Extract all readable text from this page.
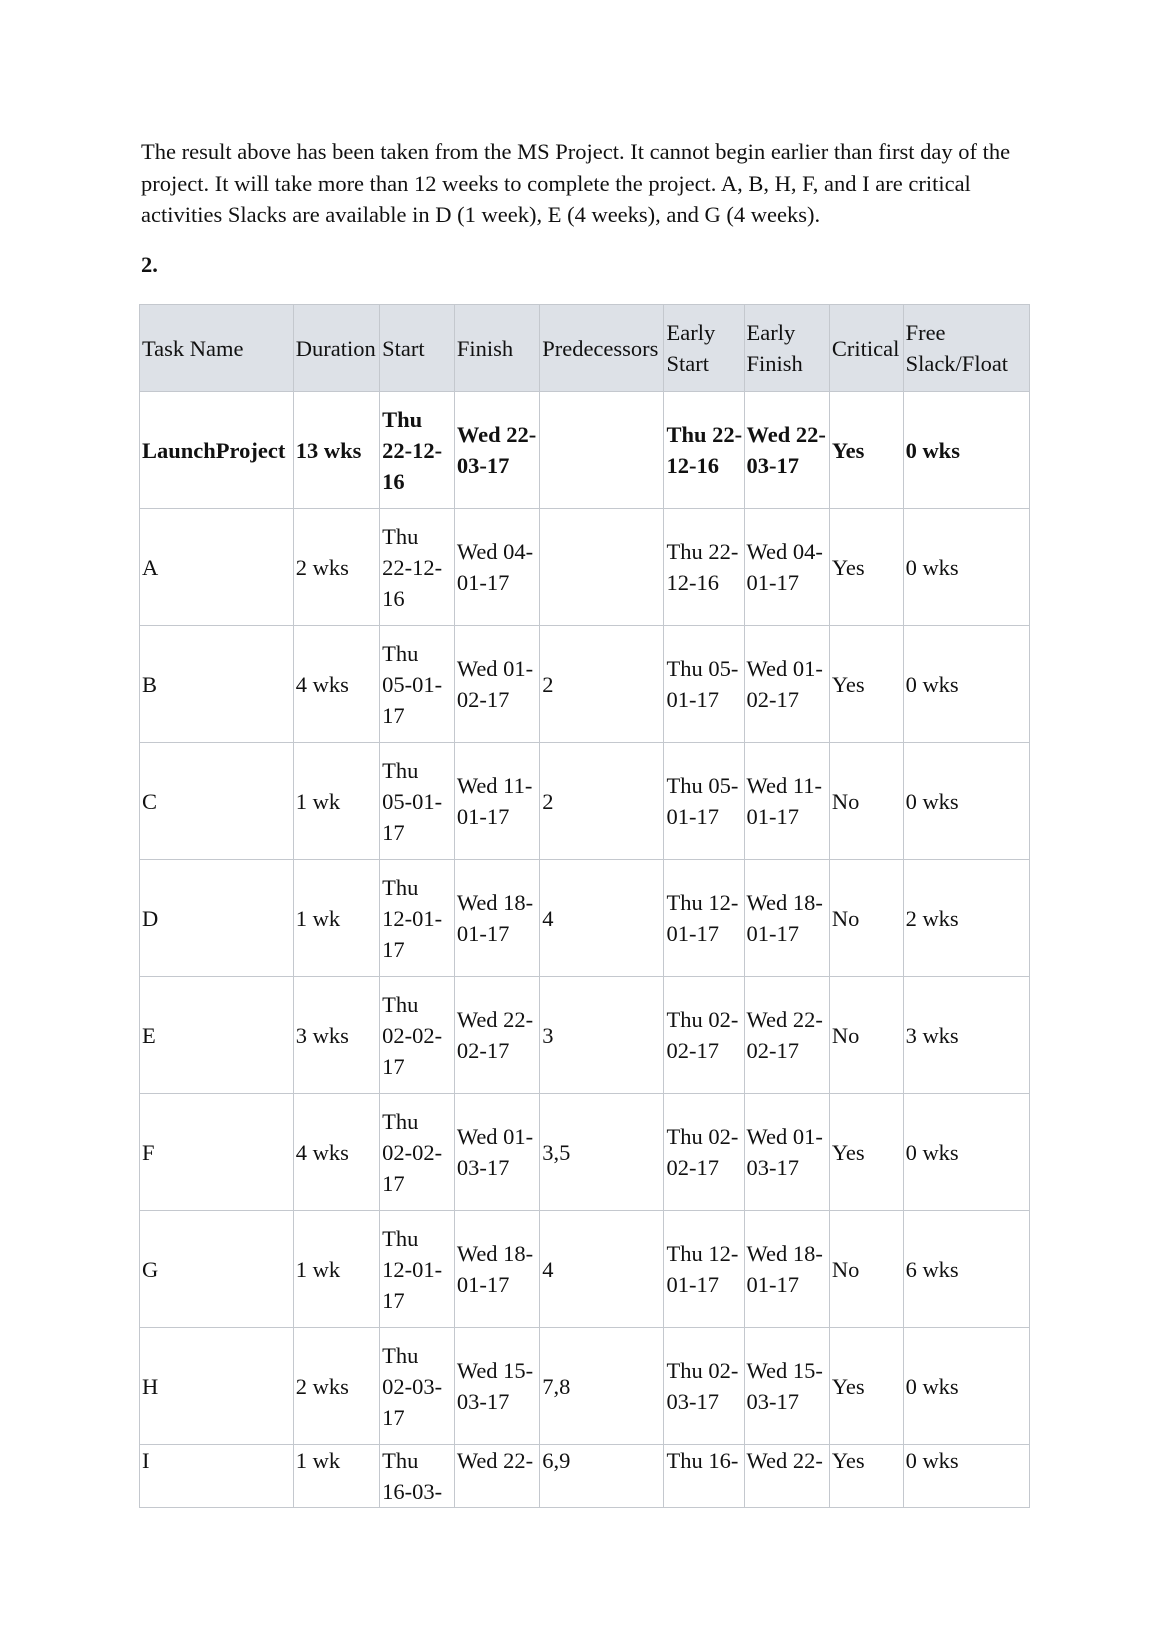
The result above has been taken from the MS Project. It cannot begin earlier than first day of the project. It will take more than 12 weeks to complete the project. A, B, H, F, and I are critical activities Slacks are available in D (1 week), E (4 weeks), and G (4 weeks).

2.

Task Name	Duration	Start	Finish	Predecessors	Early Start	Early Finish	Critical	Free Slack/Float
LaunchProject	13 wks	Thu 22-12-16	Wed 22-03-17		Thu 22-12-16	Wed 22-03-17	Yes	0 wks
A	2 wks	Thu 22-12-16	Wed 04-01-17		Thu 22-12-16	Wed 04-01-17	Yes	0 wks
B	4 wks	Thu 05-01-17	Wed 01-02-17	2	Thu 05-01-17	Wed 01-02-17	Yes	0 wks
C	1 wk	Thu 05-01-17	Wed 11-01-17	2	Thu 05-01-17	Wed 11-01-17	No	0 wks
D	1 wk	Thu 12-01-17	Wed 18-01-17	4	Thu 12-01-17	Wed 18-01-17	No	2 wks
E	3 wks	Thu 02-02-17	Wed 22-02-17	3	Thu 02-02-17	Wed 22-02-17	No	3 wks
F	4 wks	Thu 02-02-17	Wed 01-03-17	3,5	Thu 02-02-17	Wed 01-03-17	Yes	0 wks
G	1 wk	Thu 12-01-17	Wed 18-01-17	4	Thu 12-01-17	Wed 18-01-17	No	6 wks
H	2 wks	Thu 02-03-17	Wed 15-03-17	7,8	Thu 02-03-17	Wed 15-03-17	Yes	0 wks
I	1 wk	Thu 16-03-	Wed 22-	6,9	Thu 16-	Wed 22-	Yes	0 wks
